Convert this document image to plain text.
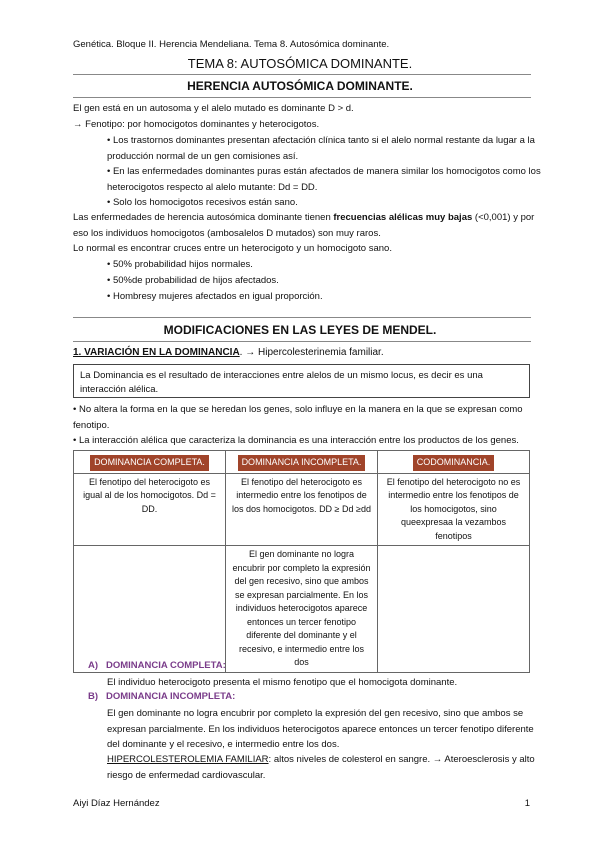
Genética. Bloque II. Herencia Mendeliana. Tema 8. Autosómica dominante.
TEMA 8: AUTOSÓMICA DOMINANTE.
HERENCIA AUTOSÓMICA DOMINANTE.
El gen está en un autosoma y el alelo mutado es dominante D > d.
→ Fenotipo: por homocigotos dominantes y heterocigotos.
• Los trastornos dominantes presentan afectación clínica tanto si el alelo normal restante da lugar a la producción normal de un gen comisiones así.
• En las enfermedades dominantes puras están afectados de manera similar los homocigotos como los heterocigotos respecto al alelo mutante: Dd = DD.
• Solo los homocigotos recesivos están sano.
Las enfermedades de herencia autosómica dominante tienen frecuencias alélicas muy bajas (<0,001) y por eso los individuos homocigotos (ambosalelos D mutados) son muy raros.
Lo normal es encontrar cruces entre un heterocigoto y un homocigoto sano.
• 50% probabilidad hijos normales.
• 50%de probabilidad de hijos afectados.
• Hombresy mujeres afectados en igual proporción.
MODIFICACIONES EN LAS LEYES DE MENDEL.
1. VARIACIÓN EN LA DOMINANCIA. → Hipercolesterinemia familiar.
La Dominancia es el resultado de interacciones entre alelos de un mismo locus, es decir es una interacción alélica.
• No altera la forma en la que se heredan los genes, solo influye en la manera en la que se expresan como fenotipo.
• La interacción alélica que caracteriza la dominancia es una interacción entre los productos de los genes.
DOMINANCIA COMPLETA.	DOMINANCIA INCOMPLETA.	CODOMINANCIA.
El fenotipo del heterocigoto es igual al de los homocigotos. Dd = DD.	El fenotipo del heterocigoto es intermedio entre los fenotipos de los dos homocigotos. DD ≥ Dd ≥dd	El fenotipo del heterocigoto no es intermedio entre los fenotipos de los homocigotos, sino queexpresaa la vezambos fenotipos
	El gen dominante no logra encubrir por completo la expresión del gen recesivo, sino que ambos se expresan parcialmente. En los individuos heterocigotos aparece entonces un tercer fenotipo diferente del dominante y el recesivo, e intermedio entre los dos	
A) DOMINANCIA COMPLETA:
El individuo heterocigoto presenta el mismo fenotipo que el homocigota dominante.
B) DOMINANCIA INCOMPLETA:
El gen dominante no logra encubrir por completo la expresión del gen recesivo, sino que ambos se expresan parcialmente. En los individuos heterocigotos aparece entonces un tercer fenotipo diferente del dominante y el recesivo, e intermedio entre los dos.
HIPERCOLESTEROLEMIA FAMILIAR: altos niveles de colesterol en sangre. → Ateroesclerosis y alto riesgo de enfermedad cardiovascular.
Aiyi Díaz Hernández	1
